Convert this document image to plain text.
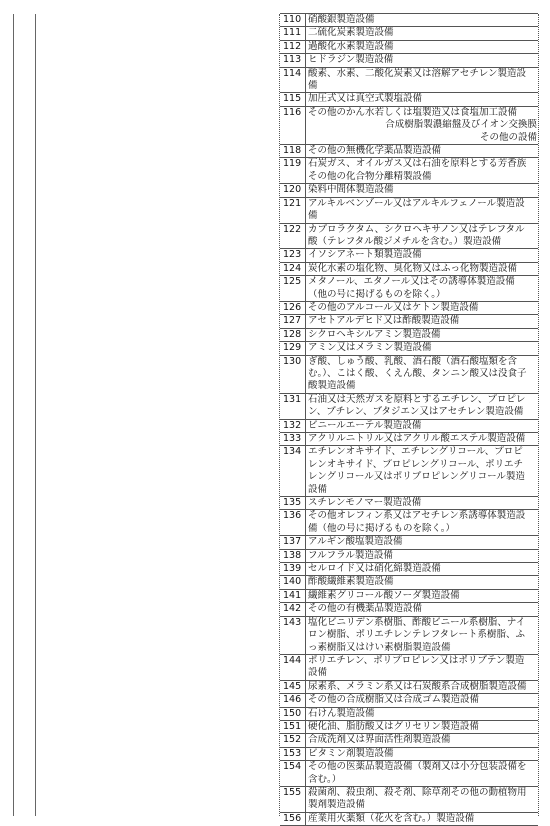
110	硝酸銀製造設備

111	二硫化炭素製造設備

112	過酸化水素製造設備

113	ヒドラジン製造設備

114	酸素、水素、二酸化炭素又は溶解アセチレン製造設
備

115	加圧式又は真空式製塩設備

116	その他のかん水若しくは塩製造又は食塩加工設備
合成樹脂製濃縮盤及びイオン交換膜
その他の設備

118	その他の無機化学薬品製造設備

119	石炭ガス、オイルガス又は石油を原料とする芳香族
その他の化合物分離精製設備

120	染料中間体製造設備

121	アルキルベンゾール又はアルキルフェノール製造設
備

122	カプロラクタム、シクロヘキサノン又はテレフタル
酸（テレフタル酸ジメチルを含む。）製造設備

123	イソシアネート類製造設備

124	炭化水素の塩化物、臭化物又はふっ化物製造設備

125	メタノール、エタノール又はその誘導体製造設備
（他の号に掲げるものを除く。）

126	その他のアルコール又はケトン製造設備

127	アセトアルデヒド又は酢酸製造設備

128	シクロヘキシルアミン製造設備

129	アミン又はメラミン製造設備

130	ぎ酸、しゅう酸、乳酸、酒石酸（酒石酸塩類を含
む。）、こはく酸、くえん酸、タンニン酸又は没食子
酸製造設備

131	石油又は天然ガスを原料とするエチレン、プロピレ
ン、ブチレン、ブタジエン又はアセチレン製造設備

132	ビニールエーテル製造設備

133	アクリルニトリル又はアクリル酸エステル製造設備

134	エチレンオキサイド、エチレングリコール、プロピ
レンオキサイド、プロピレングリコール、ポリエチ
レングリコール又はポリプロピレングリコール製造
設備

135	スチレンモノマー製造設備

136	その他オレフィン系又はアセチレン系誘導体製造設
備（他の号に掲げるものを除く。）

137	アルギン酸塩製造設備

138	フルフラル製造設備

139	セルロイド又は硝化綿製造設備

140	酢酸繊維素製造設備

141	繊維素グリコール酸ソーダ製造設備

142	その他の有機薬品製造設備

143	塩化ビニリデン系樹脂、酢酸ビニール系樹脂、ナイ
ロン樹脂、ポリエチレンテレフタレート系樹脂、ふ
っ素樹脂又はけい素樹脂製造設備

144	ポリエチレン、ポリプロピレン又はポリブテン製造
設備

145	尿素系、メラミン系又は石炭酸系合成樹脂製造設備

146	その他の合成樹脂又は合成ゴム製造設備

150	石けん製造設備

151	硬化油、脂肪酸又はグリセリン製造設備

152	合成洗剤又は界面活性剤製造設備

153	ビタミン剤製造設備

154	その他の医薬品製造設備（製剤又は小分包装設備を
含む。）

155	殺菌剤、殺虫剤、殺そ剤、除草剤その他の動植物用
製剤製造設備

156	産業用火薬類（花火を含む。）製造設備
